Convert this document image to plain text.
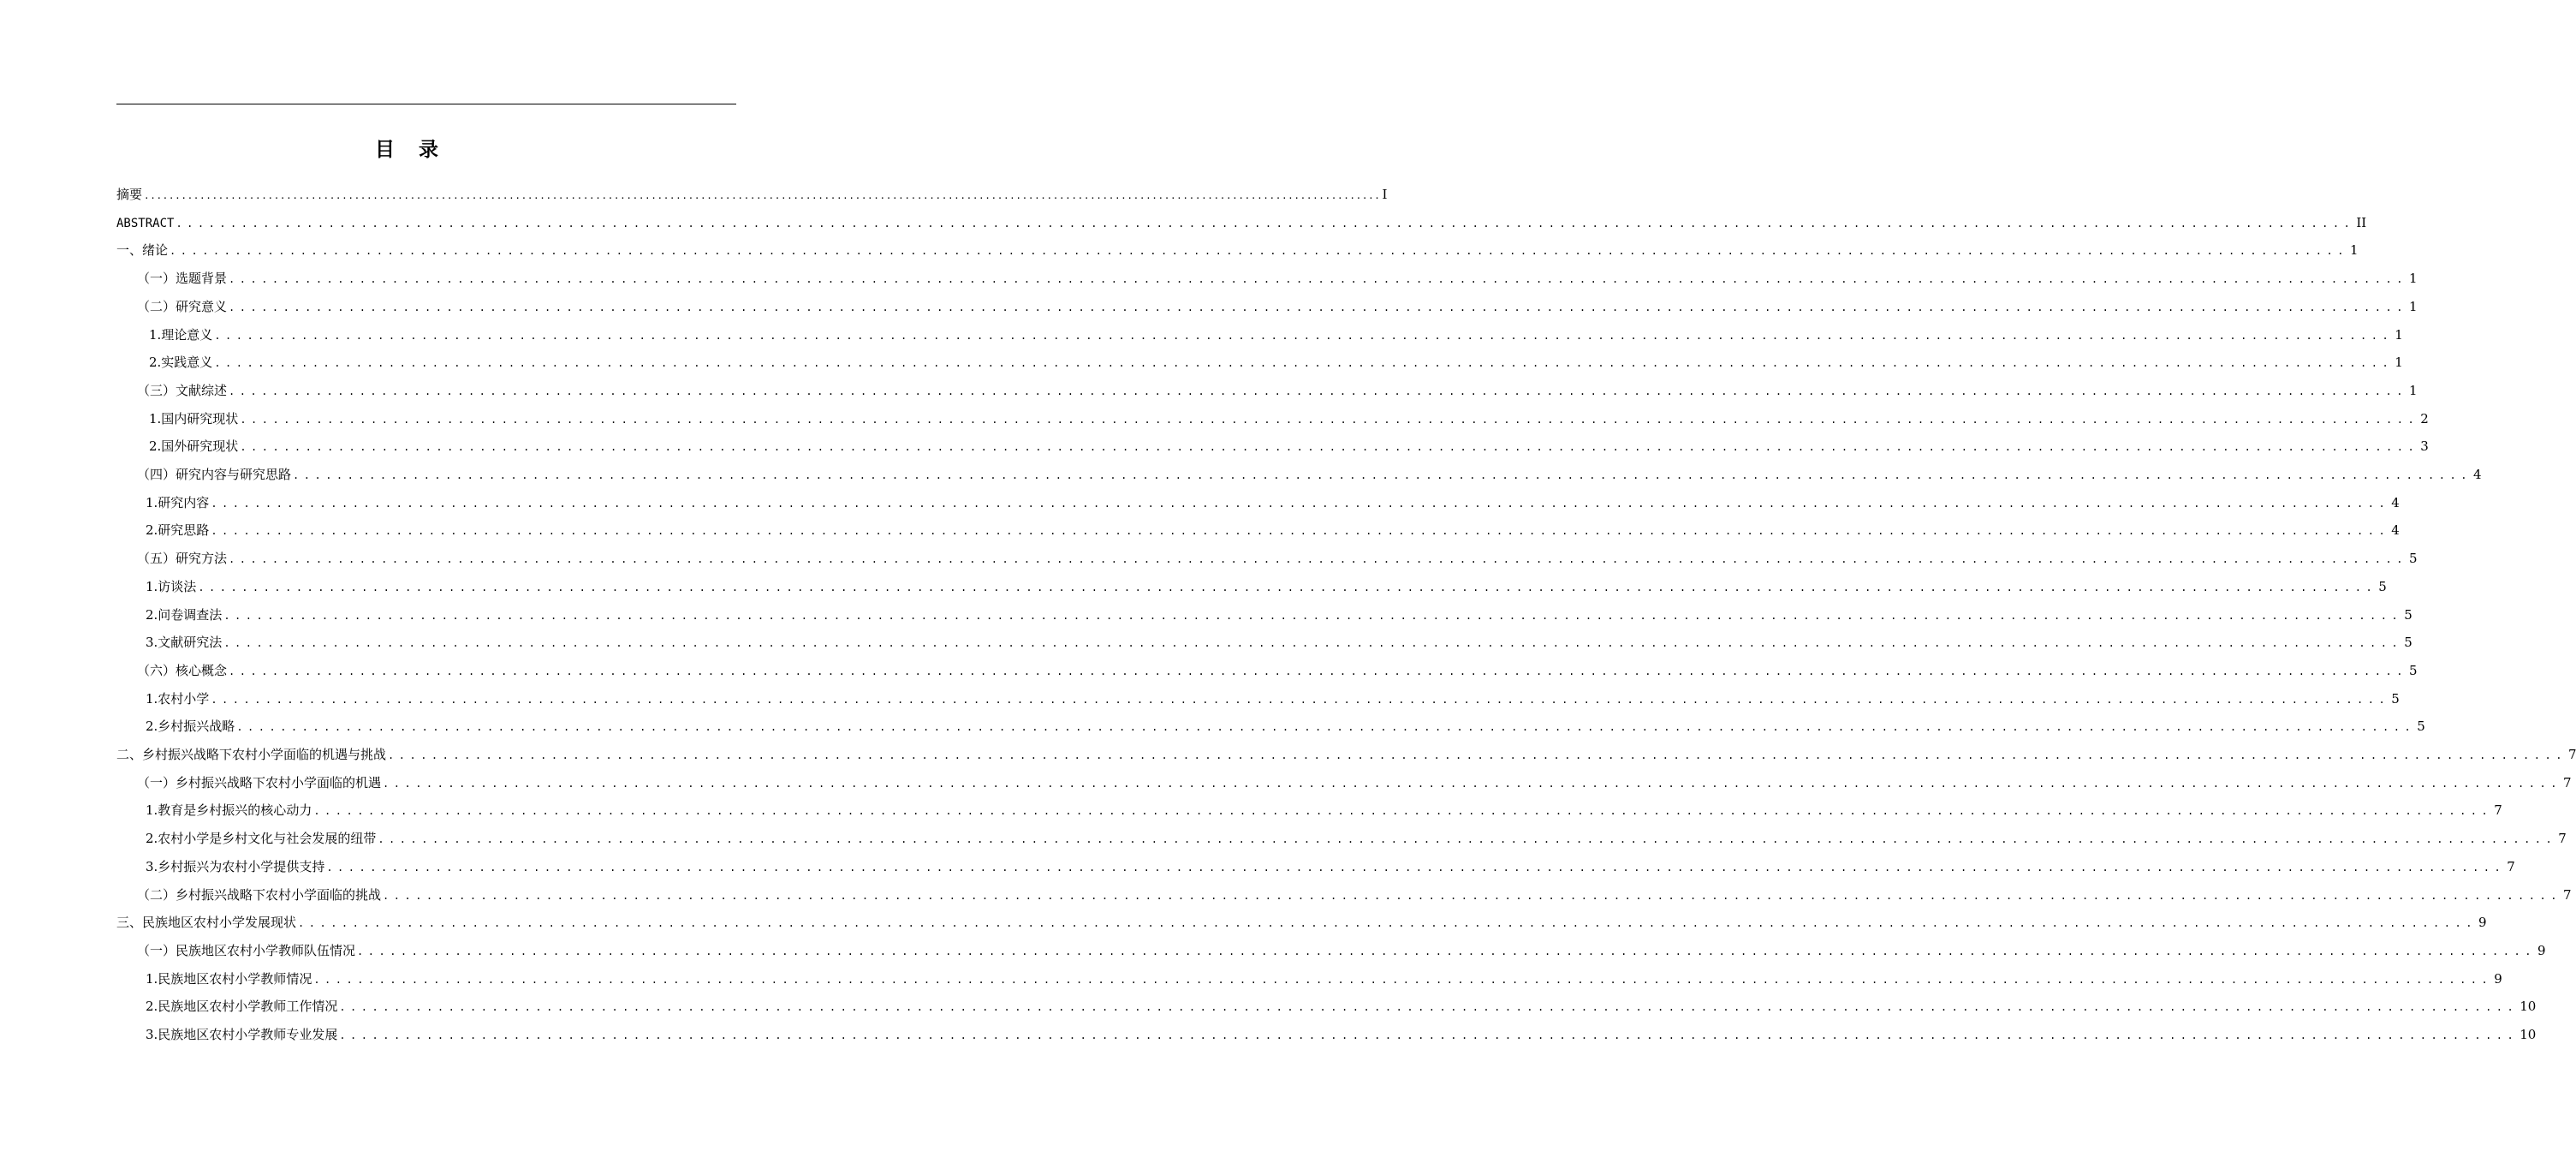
目 录
摘要 ........................................................................................................................................................................................................ I
ABSTRACT ........................................................................................................................................................................................................ II
一、绪论 ........................................................................................................................................................................................................ 1
（一）选题背景 ........................................................................................................................................................................................................ 1
（二）研究意义 ........................................................................................................................................................................................................ 1
1.理论意义 ........................................................................................................................................................................................................ 1
2.实践意义 ........................................................................................................................................................................................................ 1
（三）文献综述 ........................................................................................................................................................................................................ 1
1.国内研究现状 ........................................................................................................................................................................................................ 2
2.国外研究现状 ........................................................................................................................................................................................................ 3
（四）研究内容与研究思路 ........................................................................................................................................................................................................ 4
1.研究内容 ........................................................................................................................................................................................................ 4
2.研究思路 ........................................................................................................................................................................................................ 4
（五）研究方法 ........................................................................................................................................................................................................ 5
1.访谈法 ........................................................................................................................................................................................................ 5
2.问卷调查法 ........................................................................................................................................................................................................ 5
3.文献研究法 ........................................................................................................................................................................................................ 5
（六）核心概念 ........................................................................................................................................................................................................ 5
1.农村小学 ........................................................................................................................................................................................................ 5
2.乡村振兴战略 ........................................................................................................................................................................................................ 5
二、乡村振兴战略下农村小学面临的机遇与挑战 ........................................................................................................................................................................................................ 7
（一）乡村振兴战略下农村小学面临的机遇 ........................................................................................................................................................................................................ 7
1.教育是乡村振兴的核心动力 ........................................................................................................................................................................................................ 7
2.农村小学是乡村文化与社会发展的纽带 ........................................................................................................................................................................................................ 7
3.乡村振兴为农村小学提供支持 ........................................................................................................................................................................................................ 7
（二）乡村振兴战略下农村小学面临的挑战 ........................................................................................................................................................................................................ 7
三、民族地区农村小学发展现状 ........................................................................................................................................................................................................ 9
（一）民族地区农村小学教师队伍情况 ........................................................................................................................................................................................................ 9
1.民族地区农村小学教师情况 ........................................................................................................................................................................................................ 9
2.民族地区农村小学教师工作情况 ........................................................................................................................................................................................................ 10
3.民族地区农村小学教师专业发展 ........................................................................................................................................................................................................ 10
